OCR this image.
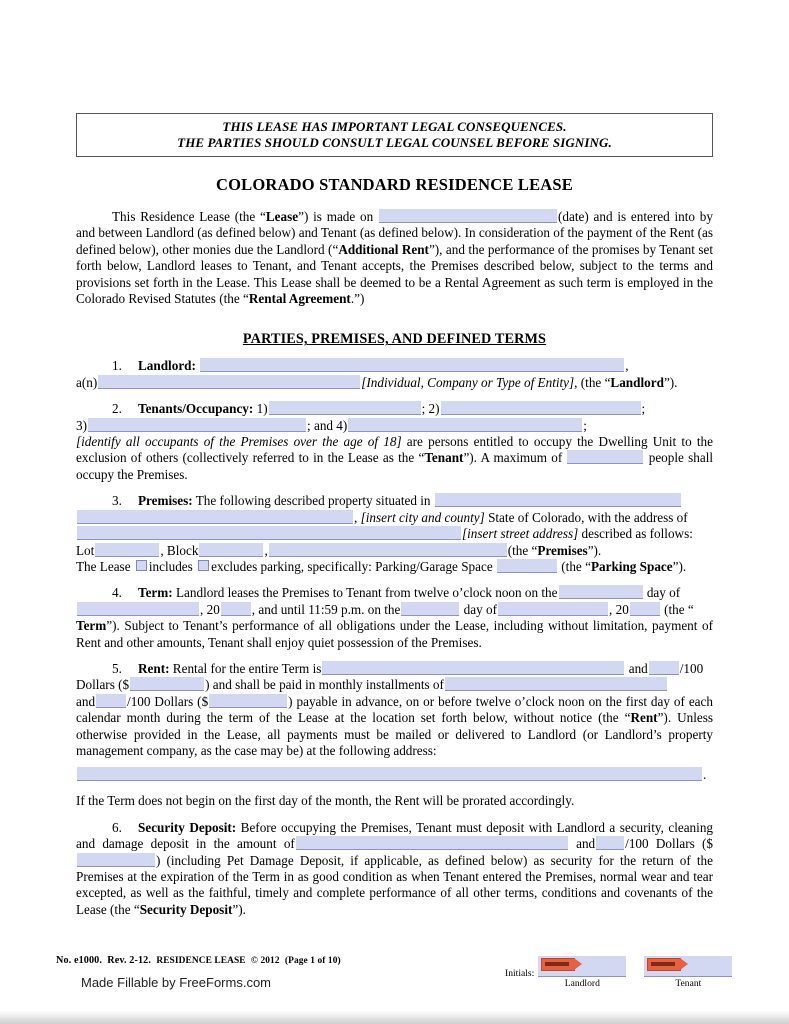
THIS LEASE HAS IMPORTANT LEGAL CONSEQUENCES.
THE PARTIES SHOULD CONSULT LEGAL COUNSEL BEFORE SIGNING.
COLORADO STANDARD RESIDENCE LEASE

This Residence Lease (the “Lease”) is made on	(date) and is entered into by and between Landlord (as defined below) and Tenant (as defined below). In consideration of the payment of the Rent (as defined below), other monies due the Landlord (“Additional Rent”), and the performance of the promises by Tenant set forth below, Landlord leases to Tenant, and Tenant accepts, the Premises described below, subject to the terms and provisions set forth in the Lease. This Lease shall be deemed to be a Rental Agreement as such term is employed in the Colorado Revised Statutes (the “Rental Agreement.”)

PARTIES, PREMISES, AND DEFINED TERMS

1. Landlord:	,

a(n)	[Individual, Company or Type of Entity], (the “Landlord”).

2. Tenants/Occupancy: 1)	; 2)	;

3)	; and 4)	;

[identify all occupants of the Premises over the age of 18] are persons entitled to occupy the Dwelling Unit to the exclusion of others (collectively referred to in the Lease as the “Tenant”). A maximum of	people shall occupy the Premises.

3. Premises: The following described property situated in

, [insert city and county] State of Colorado, with the address of

[insert street address] described as follows:

Lot	, Block	,	(the “Premises”).

The Lease includes excludes parking, specifically: Parking/Garage Space	(the “Parking Space”).

4. Term: Landlord leases the Premises to Tenant from twelve o’clock noon on the	day of

, 20 , and until 11:59 p.m. on the	day of	, 20	(the “

Term”). Subject to Tenant’s performance of all obligations under the Lease, including without limitation, payment of Rent and other amounts, Tenant shall enjoy quiet possession of the Premises.

5. Rent: Rental for the entire Term is	and /100

Dollars ($	) and shall be paid in monthly installments of

and /100 Dollars ($	) payable in advance, on or before twelve o’clock noon on the first day of each calendar month during the term of the Lease at the location set forth below, without notice (the “Rent”). Unless otherwise provided in the Lease, all payments must be mailed or delivered to Landlord (or Landlord’s property management company, as the case may be) at the following address:

.

If the Term does not begin on the first day of the month, the Rent will be prorated accordingly.

6. Security Deposit: Before occupying the Premises, Tenant must deposit with Landlord a security, cleaning and damage deposit in the amount of	and /100 Dollars ($) (including Pet Damage Deposit, if applicable, as defined below) as security for the return of the Premises at the expiration of the Term in as good condition as when Tenant entered the Premises, normal wear and tear excepted, as well as the faithful, timely and complete performance of all other terms, conditions and covenants of the Lease (the “Security Deposit”).

No. e1000. Rev. 2-12. RESIDENCE LEASE © 2012 (Page 1 of 10)
Made Fillable by FreeForms.com
Initials:
Landlord	Tenant
